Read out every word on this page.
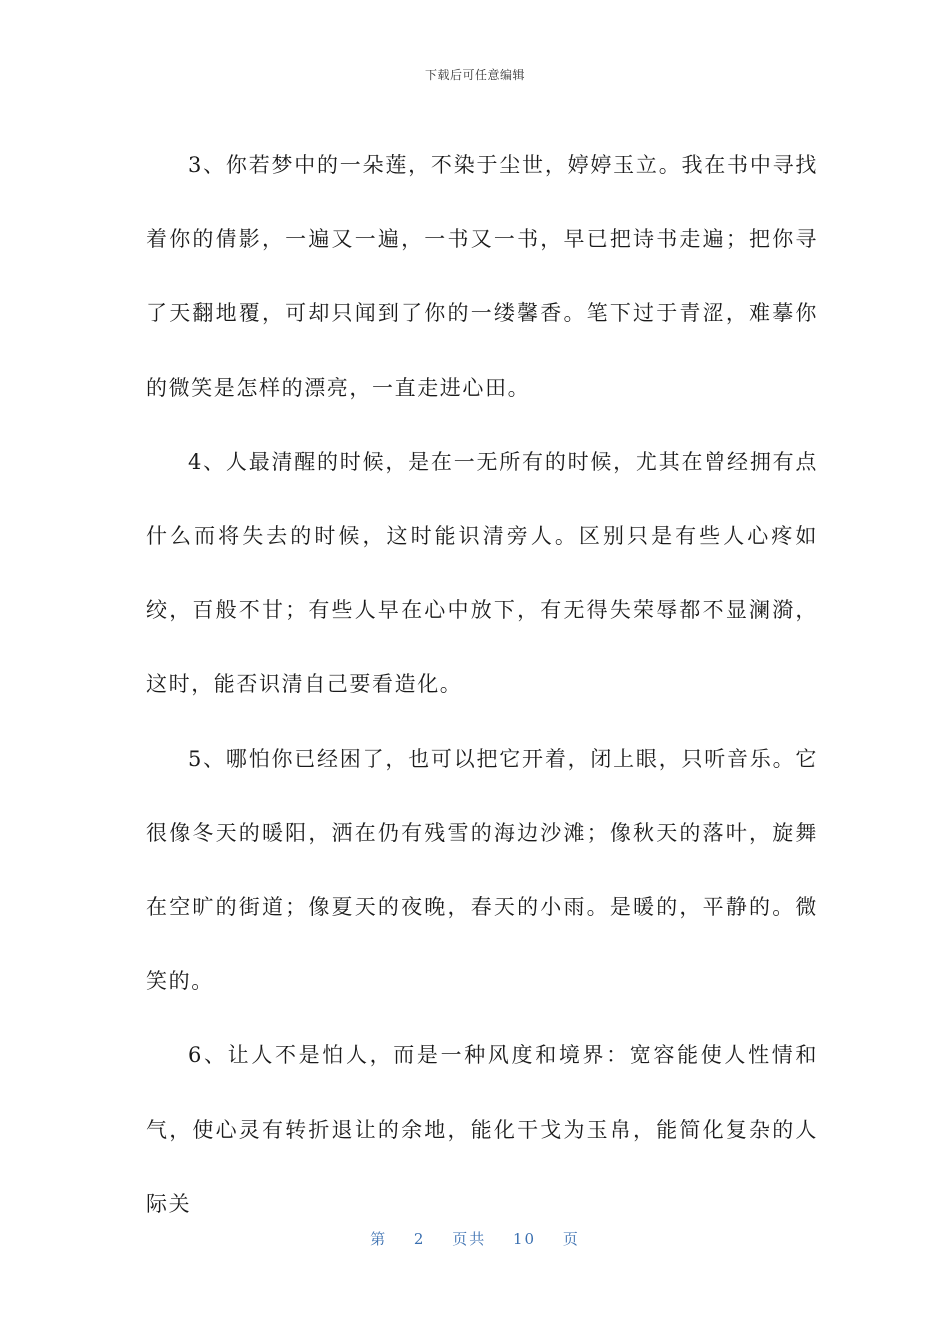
下载后可任意编辑

3、你若梦中的一朵莲，不染于尘世，婷婷玉立。我在书中寻找着你的倩影，一遍又一遍，一书又一书，早已把诗书走遍；把你寻了天翻地覆，可却只闻到了你的一缕馨香。笔下过于青涩，难摹你的微笑是怎样的漂亮，一直走进心田。

4、人最清醒的时候，是在一无所有的时候，尤其在曾经拥有点什么而将失去的时候，这时能识清旁人。区别只是有些人心疼如绞，百般不甘；有些人早在心中放下，有无得失荣辱都不显澜漪，这时，能否识清自己要看造化。

5、哪怕你已经困了，也可以把它开着，闭上眼，只听音乐。它很像冬天的暖阳，洒在仍有残雪的海边沙滩；像秋天的落叶，旋舞在空旷的街道；像夏天的夜晚，春天的小雨。是暖的，平静的。微笑的。

6、让人不是怕人，而是一种风度和境界：宽容能使人性情和气，使心灵有转折退让的余地，能化干戈为玉帛，能简化复杂的人际关

第 2 页共 10 页
